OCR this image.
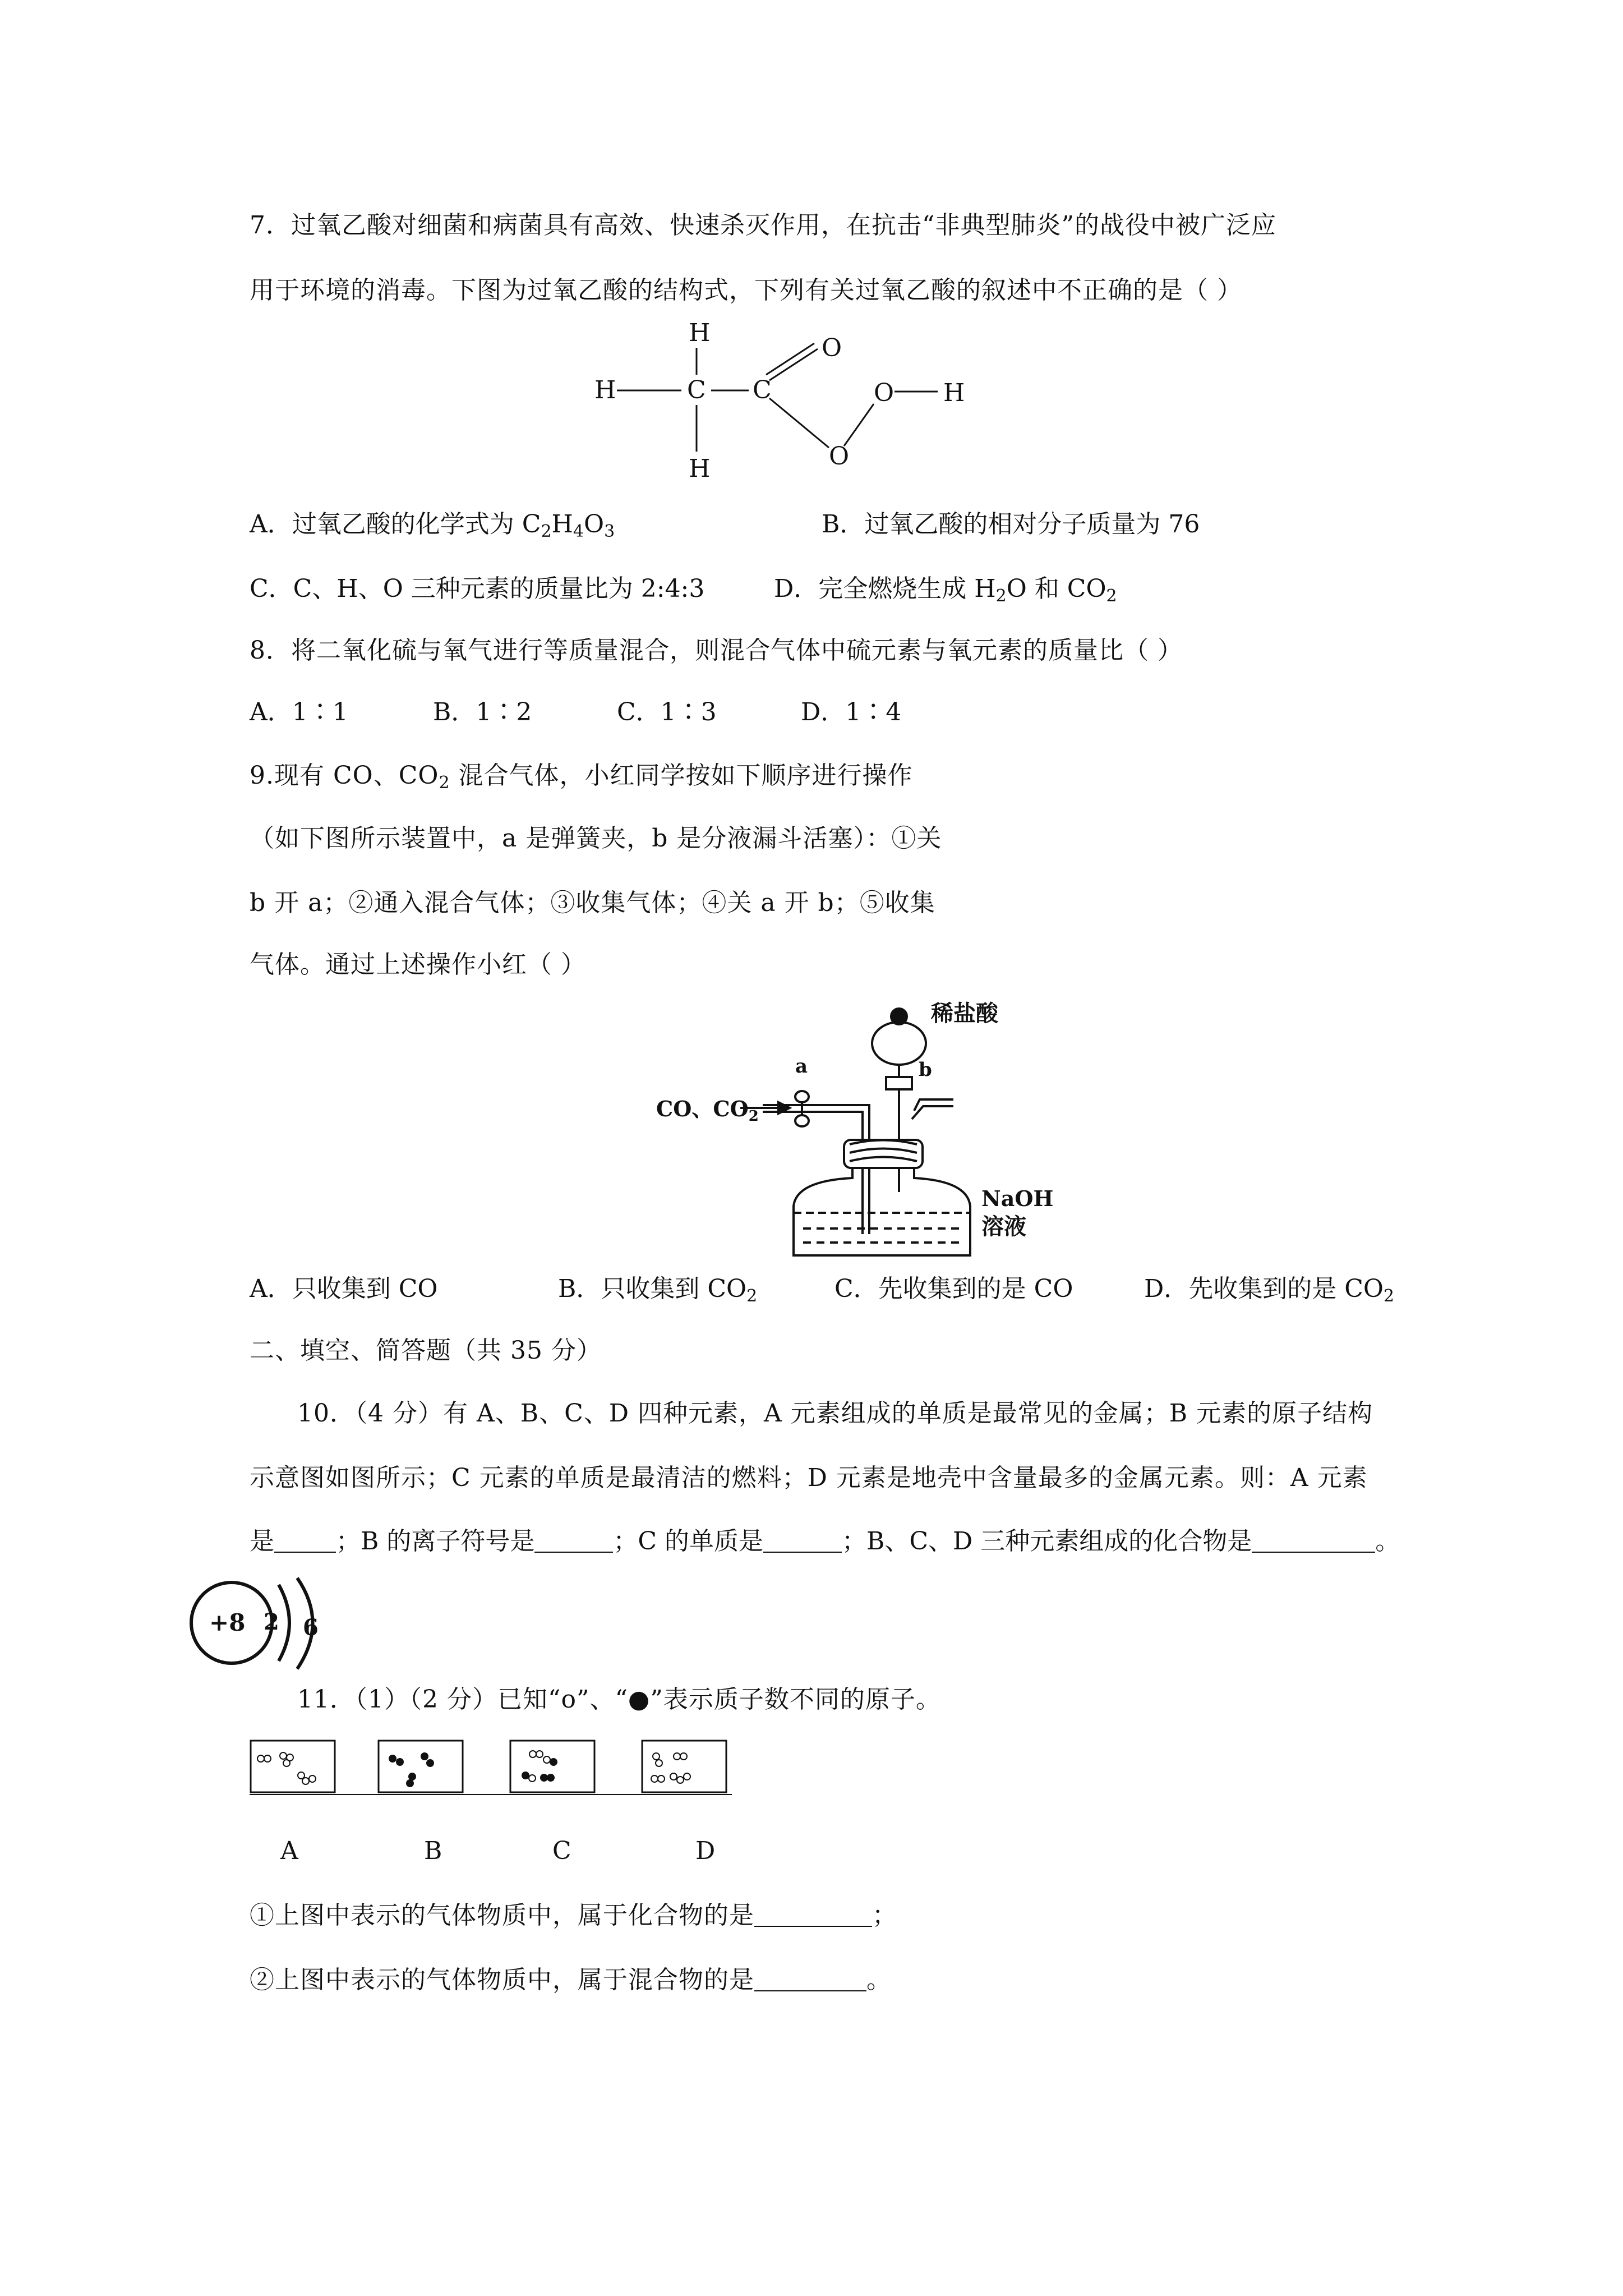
7．过氧乙酸对细菌和病菌具有高效、快速杀灭作用，在抗击“非典型肺炎”的战役中被广泛应
用于环境的消毒。下图为过氧乙酸的结构式，下列有关过氧乙酸的叙述中不正确的是（ ）
H
H	C C
O
O
O H
H
A．过氧乙酸的化学式为 $C_2H_4O_3$	B．过氧乙酸的相对分子质量为 76
C．C、H、O 三种元素的质量比为 2:4:3	D．完全燃烧生成 $H_2O$ 和 $CO_2$
8．将二氧化硫与氧气进行等质量混合，则混合气体中硫元素与氧元素的质量比（ ）
A．1∶1	B．1∶2	C．1∶3	D．1∶4
9.现有 CO、$CO_2$ 混合气体，小红同学按如下顺序进行操作
（如下图所示装置中，a 是弹簧夹，b 是分液漏斗活塞）：①关
b 开 a；②通入混合气体；③收集气体；④关 a 开 b；⑤收集
气体。通过上述操作小红（ ）
稀盐酸
a	b
CO、$CO_2$
NaOH
溶液
A．只收集到 CO	B．只收集到 $CO_2$	C．先收集到的是 CO	D．先收集到的是 $CO_2$
二、填空、简答题（共 35 分）
10．（4 分）有 A、B、C、D 四种元素，A 元素组成的单质是最常见的金属；B 元素的原子结构
示意图如图所示；C 元素的单质是最清洁的燃料；D 元素是地壳中含量最多的金属元素。则：A 元素
是	；B 的离子符号是	；C 的单质是	；B、C、D 三种元素组成的化合物是	。
+8 2 6
11．（1）（2 分）已知“o”、“●”表示质子数不同的原子。
A	B	C	D
①上图中表示的气体物质中，属于化合物的是	；
②上图中表示的气体物质中，属于混合物的是	。
